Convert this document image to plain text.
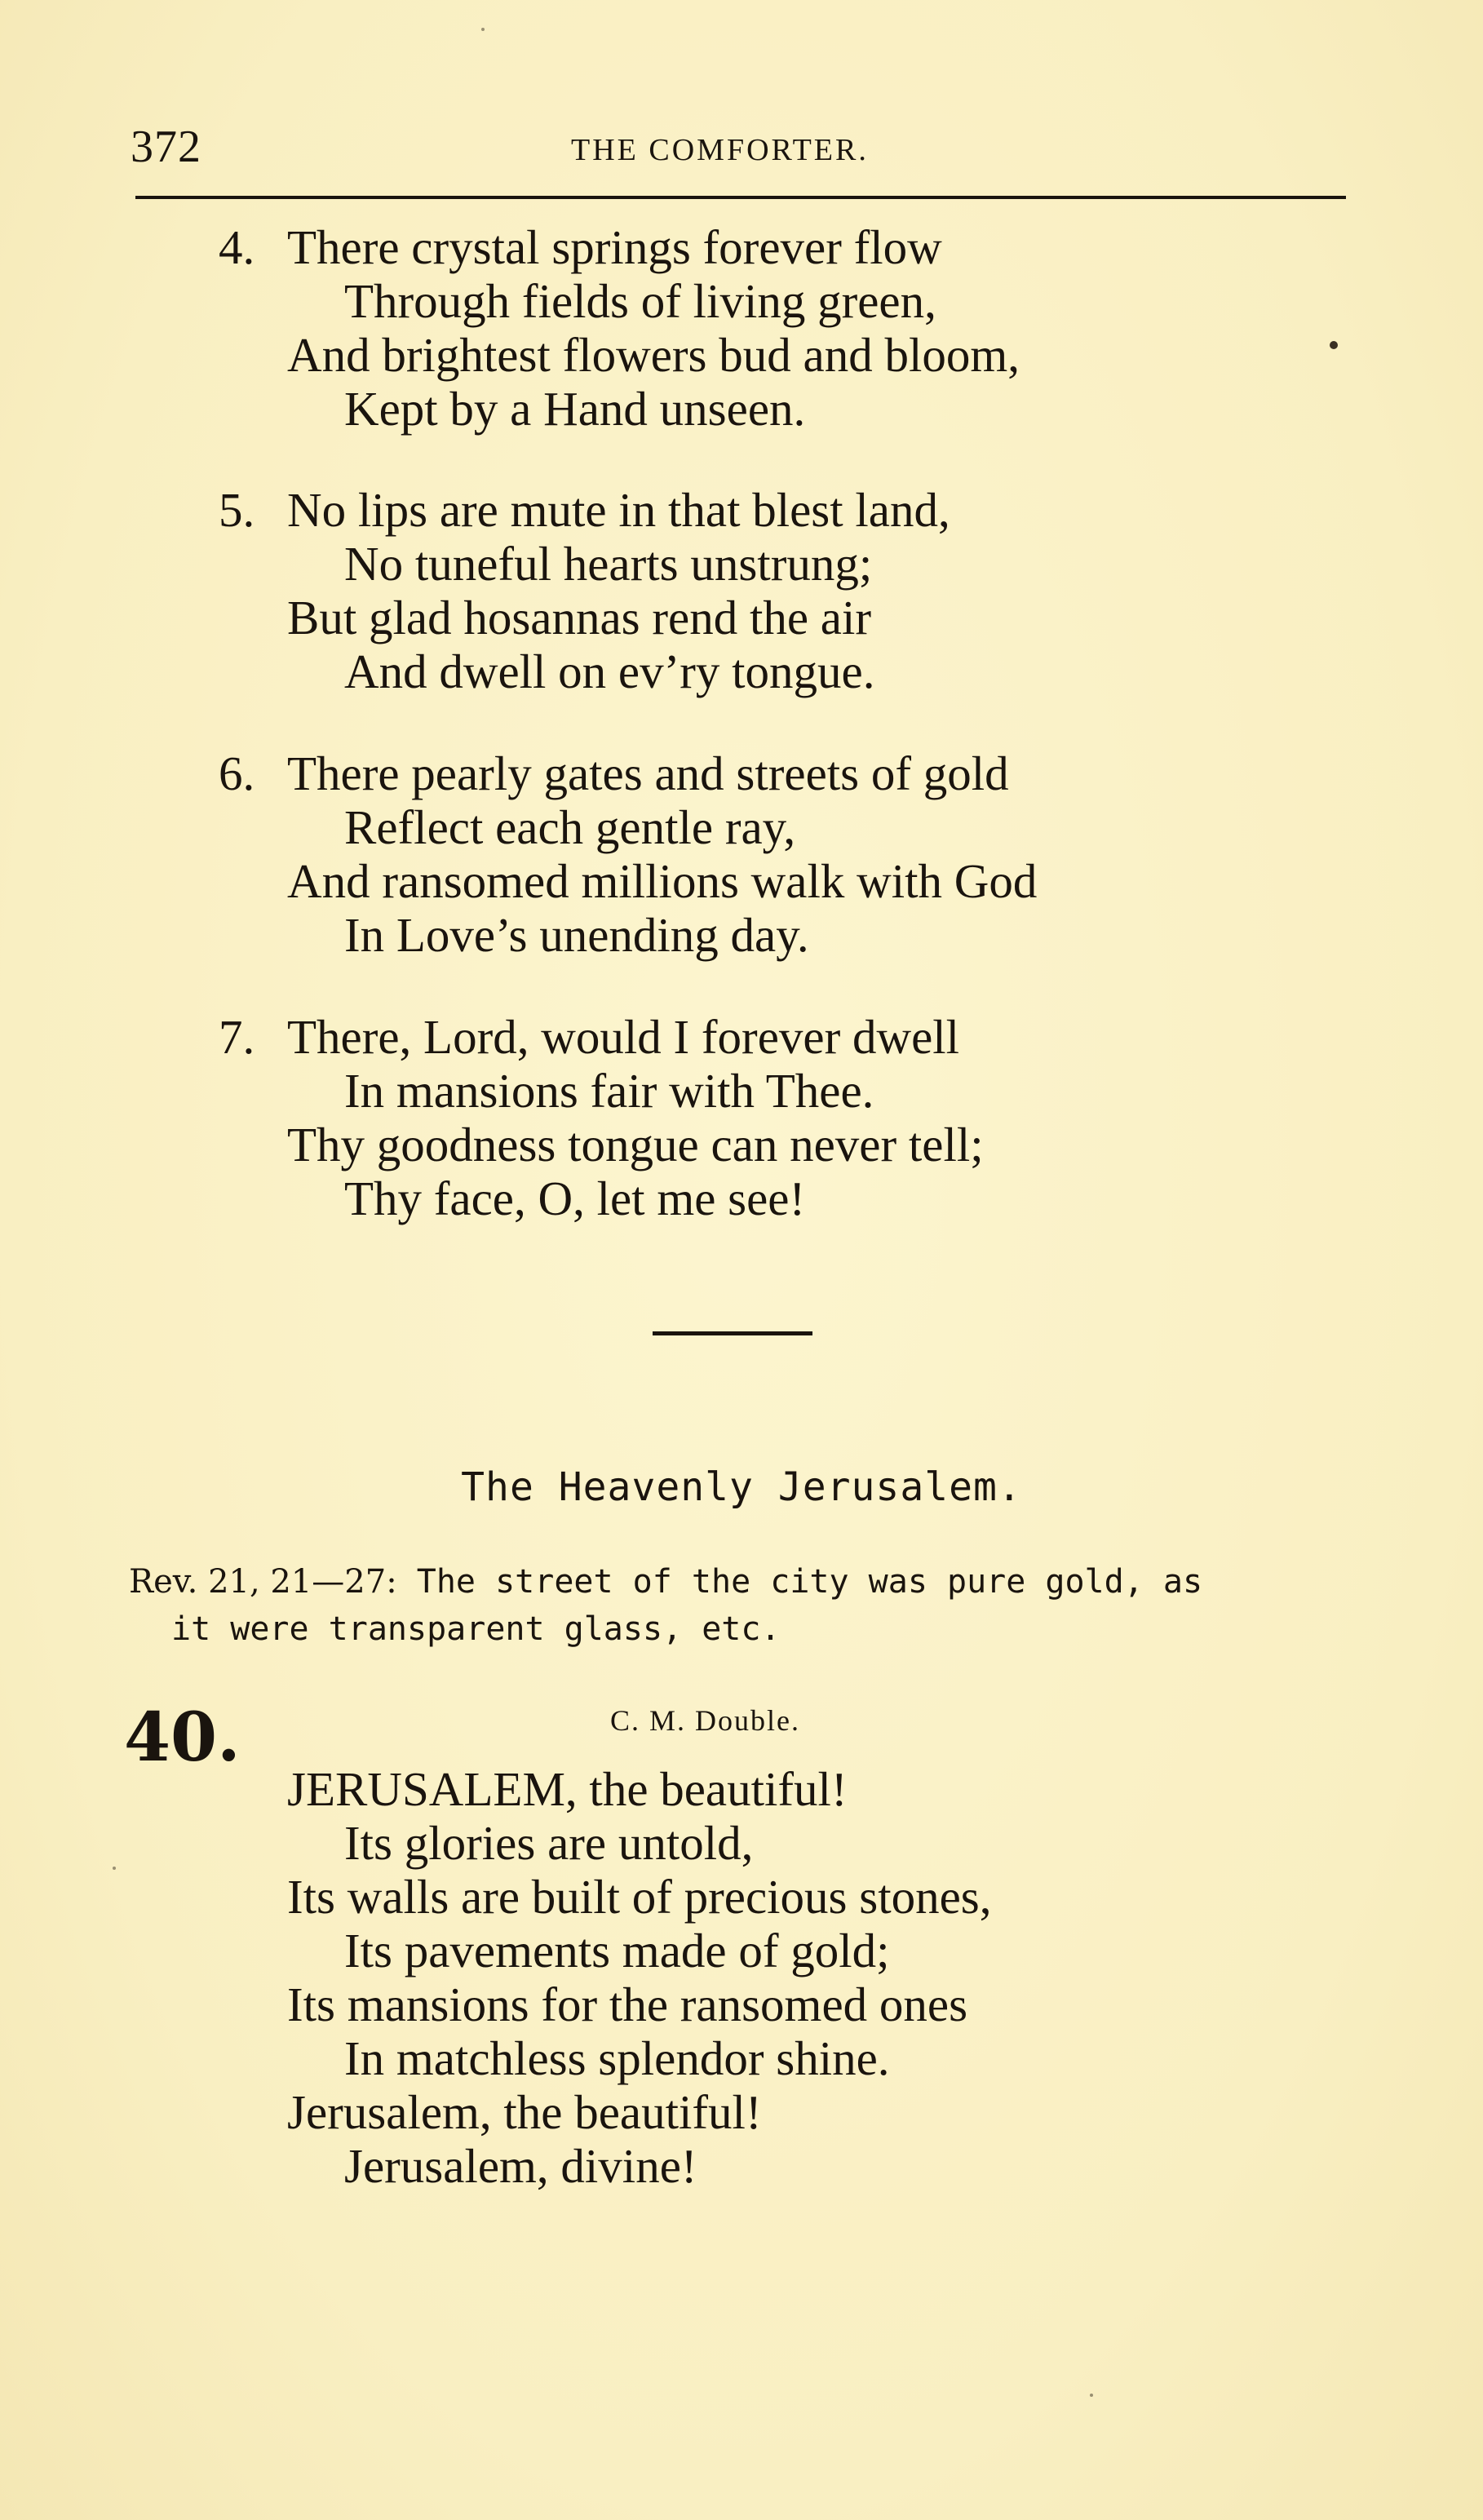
372	THE COMFORTER.
4. There crystal springs forever flow
Through fields of living green,
And brightest flowers bud and bloom,
Kept by a Hand unseen.
5. No lips are mute in that blest land,
No tuneful hearts unstrung;
But glad hosannas rend the air
And dwell on ev’ry tongue.
6. There pearly gates and streets of gold
Reflect each gentle ray,
And ransomed millions walk with God
In Love’s unending day.
7. There, Lord, would I forever dwell
In mansions fair with Thee.
Thy goodness tongue can never tell;
Thy face, O, let me see!
The Heavenly Jerusalem.
Rev. 21, 21—27: The street of the city was pure gold, as
it were transparent glass, etc.
40.	C. M. Double.
JERUSALEM, the beautiful!
Its glories are untold,
Its walls are built of precious stones,
Its pavements made of gold;
Its mansions for the ransomed ones
In matchless splendor shine.
Jerusalem, the beautiful!
Jerusalem, divine!
